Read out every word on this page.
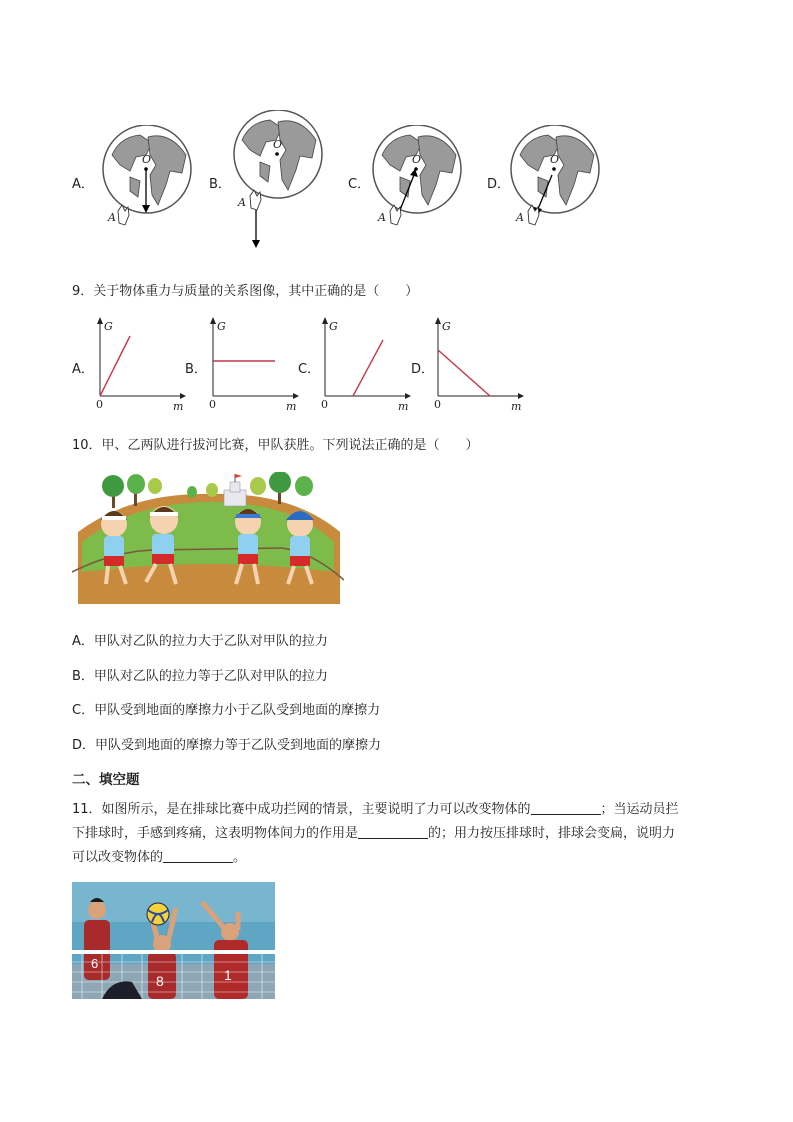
A．	B．	C．	D．
O
A
O
A
O
A
O
A
9．关于物体重力与质量的关系图像，其中正确的是（　　）
A．	B．	C．	D．
G
m
0
G
m
0
G
m
0
G
m
0
10．甲、乙两队进行拔河比赛，甲队获胜。下列说法正确的是（　　）
A．甲队对乙队的拉力大于乙队对甲队的拉力
B．甲队对乙队的拉力等于乙队对甲队的拉力
C．甲队受到地面的摩擦力小于乙队受到地面的摩擦力
D．甲队受到地面的摩擦力等于乙队受到地面的摩擦力
二、填空题
11．如图所示，是在排球比赛中成功拦网的情景，主要说明了力可以改变物体的	；当运动员拦
下排球时，手感到疼痛，这表明物体间力的作用是	的；用力按压排球时，排球会变扁，说明力
可以改变物体的	。
6
8	1
